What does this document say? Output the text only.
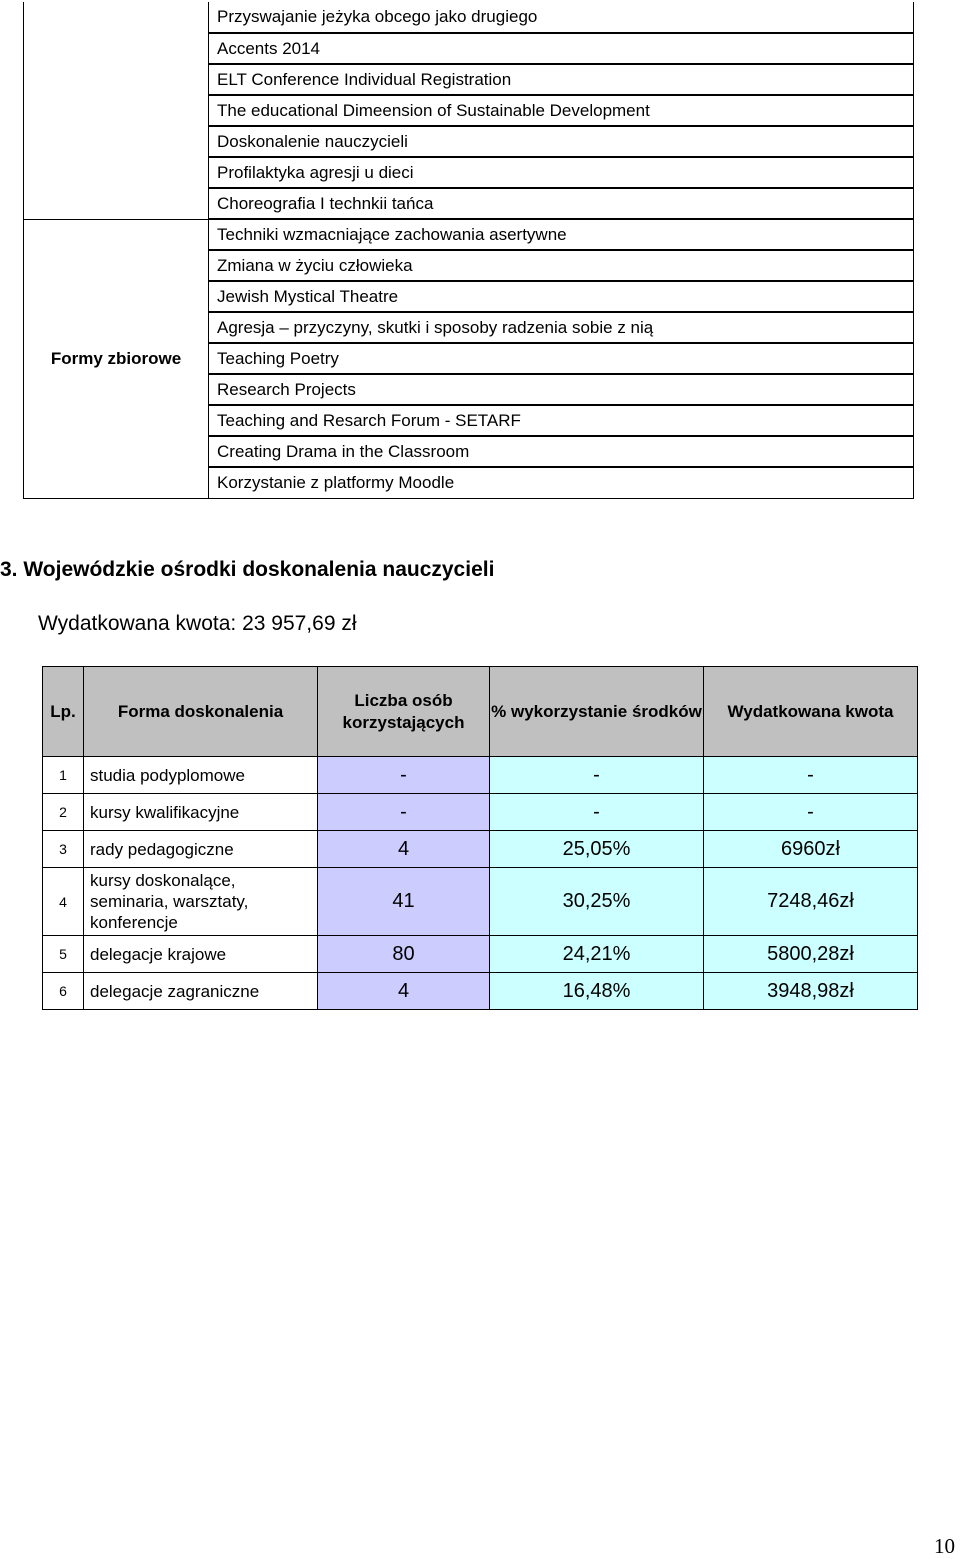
	Przyswajanie jeżyka obcego jako drugiego	
	Accents 2014	
	ELT Conference Individual Registration	
	The educational Dimeension of Sustainable Development	
	Doskonalenie nauczycieli	
	Profilaktyka agresji u dieci	
	Choreografia I technkii tańca	
Formy zbiorowe	Techniki wzmacniające zachowania asertywne	
	Zmiana w życiu człowieka	
	Jewish Mystical Theatre	
	Agresja – przyczyny, skutki i sposoby radzenia sobie z nią	
	Teaching Poetry	
	Research Projects	
	Teaching and Resarch Forum - SETARF	
	Creating Drama in the Classroom	
	Korzystanie z platformy Moodle	
3. Wojewódzkie ośrodki doskonalenia nauczycieli

Wydatkowana kwota: 23 957,69 zł

Lp.	Forma doskonalenia	Liczba osób korzystających	% wykorzystanie środków	Wydatkowana kwota
1	studia podyplomowe	-	-	-
2	kursy kwalifikacyjne	-	-	-
3	rady pedagogiczne	4	25,05%	6960zł
4	kursy doskonalące, seminaria, warsztaty, konferencje	41	30,25%	7248,46zł
5	delegacje krajowe	80	24,21%	5800,28zł
6	delegacje zagraniczne	4	16,48%	3948,98zł
10
